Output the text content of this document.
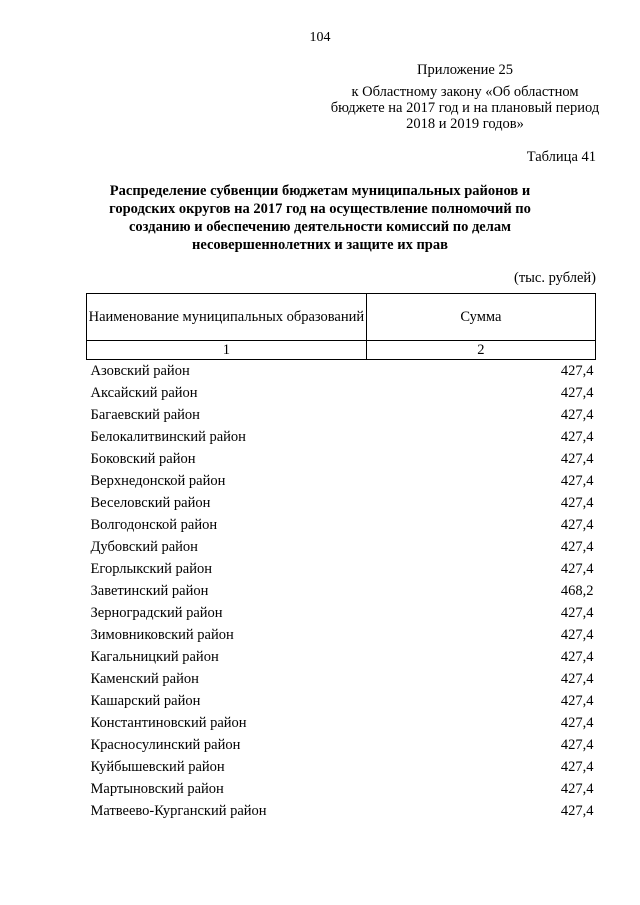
104
Приложение 25
к Областному закону «Об областном бюджете на 2017 год и на плановый период 2018 и 2019 годов»
Таблица 41
Распределение субвенции бюджетам муниципальных районов и городских округов на 2017 год на осуществление полномочий по созданию и обеспечению деятельности комиссий по делам несовершеннолетних и защите их прав
(тыс. рублей)
Наименование муниципальных образований	Сумма
1	2
Азовский район	427,4
Аксайский район	427,4
Багаевский район	427,4
Белокалитвинский район	427,4
Боковский район	427,4
Верхнедонской район	427,4
Веселовский район	427,4
Волгодонской район	427,4
Дубовский район	427,4
Егорлыкский район	427,4
Заветинский район	468,2
Зерноградский район	427,4
Зимовниковский район	427,4
Кагальницкий район	427,4
Каменский район	427,4
Кашарский район	427,4
Константиновский район	427,4
Красносулинский район	427,4
Куйбышевский район	427,4
Мартыновский район	427,4
Матвеево-Курганский район	427,4
